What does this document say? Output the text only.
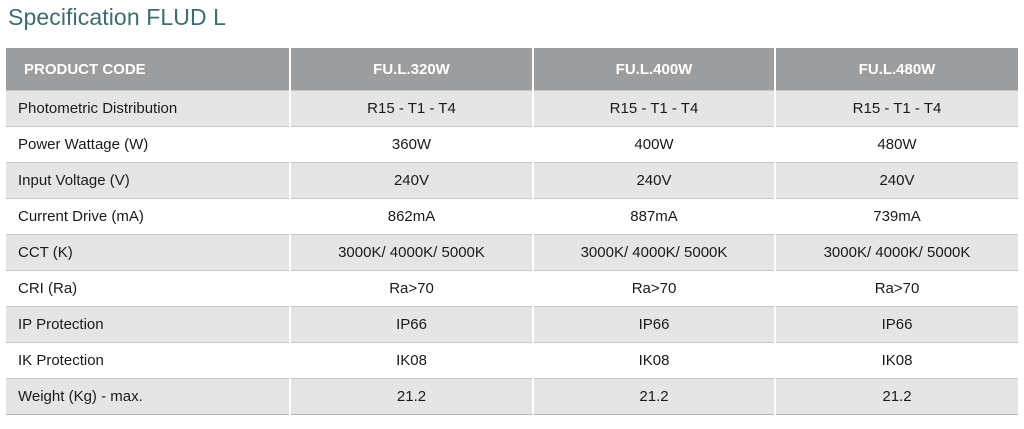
Specification FLUD L
PRODUCT CODE	FU.L.320W	FU.L.400W	FU.L.480W
Photometric Distribution	R15 - T1 - T4	R15 - T1 - T4	R15 - T1 - T4
Power Wattage (W)	360W	400W	480W
Input Voltage (V)	240V	240V	240V
Current Drive (mA)	862mA	887mA	739mA
CCT (K)	3000K/ 4000K/ 5000K	3000K/ 4000K/ 5000K	3000K/ 4000K/ 5000K
CRI (Ra)	Ra>70	Ra>70	Ra>70
IP Protection	IP66	IP66	IP66
IK Protection	IK08	IK08	IK08
Weight (Kg) - max.	21.2	21.2	21.2
